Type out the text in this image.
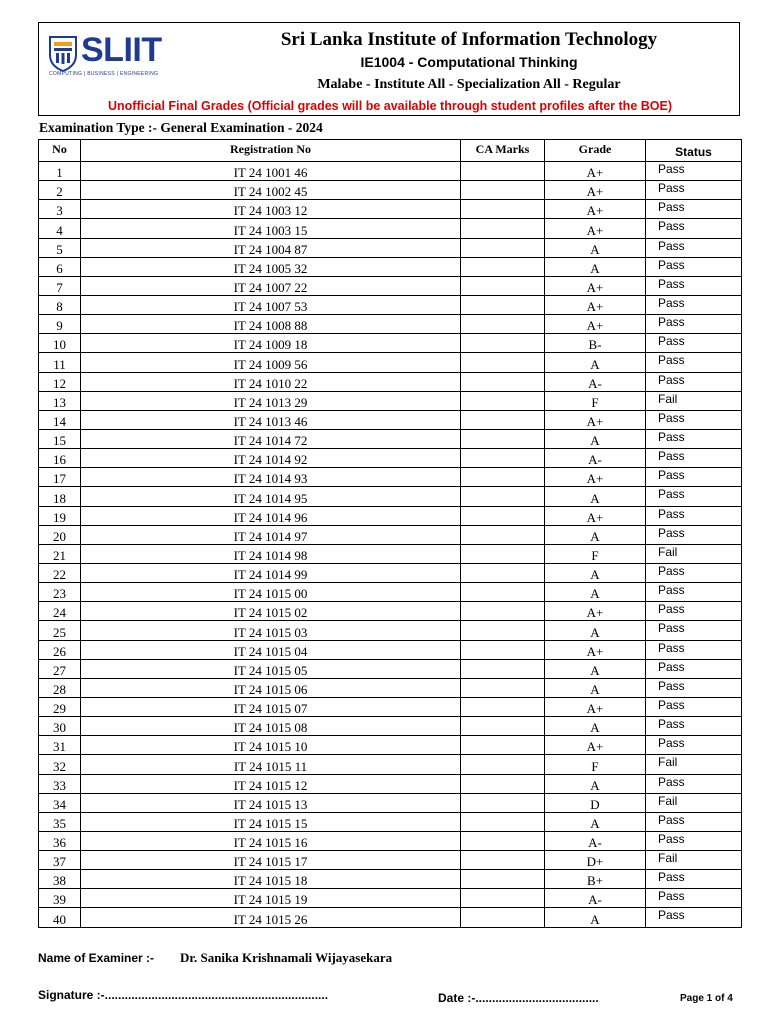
SLIIT
COMPUTING | BUSINESS | ENGINEERING
Sri Lanka Institute of Information Technology
IE1004 - Computational Thinking
Malabe - Institute All - Specialization All - Regular
Unofficial Final Grades (Official grades will be available through student profiles after the BOE)
Examination Type :- General Examination - 2024
No	Registration No	CA Marks	Grade	Status
1	IT 24 1001 46		A+	Pass
2	IT 24 1002 45		A+	Pass
3	IT 24 1003 12		A+	Pass
4	IT 24 1003 15		A+	Pass
5	IT 24 1004 87		A	Pass
6	IT 24 1005 32		A	Pass
7	IT 24 1007 22		A+	Pass
8	IT 24 1007 53		A+	Pass
9	IT 24 1008 88		A+	Pass
10	IT 24 1009 18		B-	Pass
11	IT 24 1009 56		A	Pass
12	IT 24 1010 22		A-	Pass
13	IT 24 1013 29		F	Fail
14	IT 24 1013 46		A+	Pass
15	IT 24 1014 72		A	Pass
16	IT 24 1014 92		A-	Pass
17	IT 24 1014 93		A+	Pass
18	IT 24 1014 95		A	Pass
19	IT 24 1014 96		A+	Pass
20	IT 24 1014 97		A	Pass
21	IT 24 1014 98		F	Fail
22	IT 24 1014 99		A	Pass
23	IT 24 1015 00		A	Pass
24	IT 24 1015 02		A+	Pass
25	IT 24 1015 03		A	Pass
26	IT 24 1015 04		A+	Pass
27	IT 24 1015 05		A	Pass
28	IT 24 1015 06		A	Pass
29	IT 24 1015 07		A+	Pass
30	IT 24 1015 08		A	Pass
31	IT 24 1015 10		A+	Pass
32	IT 24 1015 11		F	Fail
33	IT 24 1015 12		A	Pass
34	IT 24 1015 13		D	Fail
35	IT 24 1015 15		A	Pass
36	IT 24 1015 16		A-	Pass
37	IT 24 1015 17		D+	Fail
38	IT 24 1015 18		B+	Pass
39	IT 24 1015 19		A-	Pass
40	IT 24 1015 26		A	Pass
Name of Examiner :- Dr. Sanika Krishnamali Wijayasekara
Signature :-...................................................................	Date :-.....................................	Page 1 of 4
